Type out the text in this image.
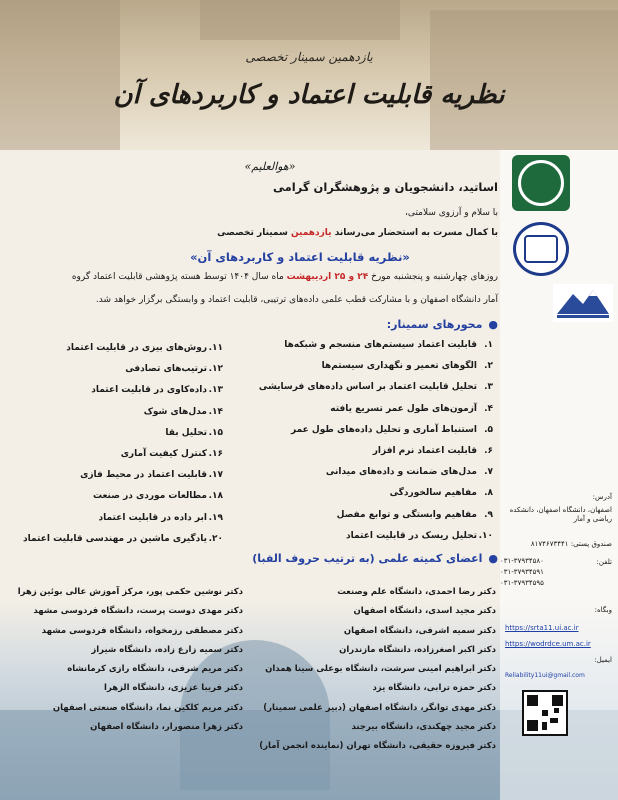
یازدهمین سمینار تخصصی
نظریه قابلیت اعتماد و کاربردهای آن
«هوالعلیم»
اساتید، دانشجویان و پژوهشگران گرامی
با سلام و آرزوی سلامتی،
با کمال مسرت به استحضار می‌رساند یازدهمین سمینار تخصصی
«نظریه قابلیت اعتماد و کاربردهای آن»
روزهای چهارشنبه و پنجشنبه مورخ ۲۴ و ۲۵ اردیبهشت ماه سال ۱۴۰۴ توسط هسته پژوهشی قابلیت اعتماد گروه
آمار دانشگاه اصفهان و با مشارکت قطب علمی داده‌های ترتیبی، قابلیت اعتماد و وابستگی برگزار خواهد شد.
●محورهای سمینار:
۱.قابلیت اعتماد سیستم‌های منسجم و شبکه‌ها
۲.الگوهای تعمیر و نگهداری سیستم‌ها
۳.تحلیل قابلیت اعتماد بر اساس داده‌های فرسایشی
۴.آزمون‌های طول عمر تسریع یافته
۵.استنباط آماری و تحلیل داده‌های طول عمر
۶.قابلیت اعتماد نرم افزار
۷.مدل‌های ضمانت و داده‌های میدانی
۸.مفاهیم سالخوردگی
۹.مفاهیم وابستگی و توابع مفصل
۱۰.تحلیل ریسک در قابلیت اعتماد
۱۱.روش‌های بیزی در قابلیت اعتماد
۱۲.ترتیب‌های تصادفی
۱۳.داده‌کاوی در قابلیت اعتماد
۱۴.مدل‌های شوک
۱۵.تحلیل بقا
۱۶.کنترل کیفیت آماری
۱۷.قابلیت اعتماد در محیط فازی
۱۸.مطالعات موردی در صنعت
۱۹.ابر داده در قابلیت اعتماد
۲۰.یادگیری ماشین در مهندسی قابلیت اعتماد
●اعضای کمیته علمی (به ترتیب حروف الفبا)
دکتر رضا احمدی، دانشگاه علم وصنعت
دکتر مجید اسدی، دانشگاه اصفهان
دکتر سمیه اشرفی، دانشگاه اصفهان
دکتر اکبر اصغرزاده، دانشگاه مازندران
دکتر ابراهیم امینی سرشت، دانشگاه بوعلی سینا همدان
دکتر حمزه ترابی، دانشگاه یزد
دکتر مهدی توانگر، دانشگاه اصفهان (دبیر علمی سمینار)
دکتر مجید چهکندی، دانشگاه بیرجند
دکتر فیروزه حقیقی، دانشگاه تهران (نماینده انجمن آمار)
دکتر نوشین حکمی پور، مرکز آموزش عالی بوئین زهرا
دکتر مهدی دوست پرست، دانشگاه فردوسی مشهد
دکتر مصطفی رزمخواه، دانشگاه فردوسی مشهد
دکتر سمیه زارع زاده، دانشگاه شیراز
دکتر مریم شرفی، دانشگاه رازی کرمانشاه
دکتر فریبا عزیزی، دانشگاه الزهرا
دکتر مریم کلکین نما، دانشگاه صنعتی اصفهان
دکتر زهرا منصورار، دانشگاه اصفهان
آدرس:
اصفهان، دانشگاه اصفهان، دانشکده ریاضی و آمار
صندوق پستی: ۸۱۷۴۶۷۳۴۴۱
تلفن:
۰۳۱-۳۷۹۳۴۵۸۰
۰۳۱-۳۷۹۳۴۵۹۱
۰۳۱-۳۷۹۳۴۵۹۵
وبگاه:
https://srta11.ui.ac.ir
https://wodrdce.um.ac.ir
ایمیل:
Reliability11ui@gmail.com
